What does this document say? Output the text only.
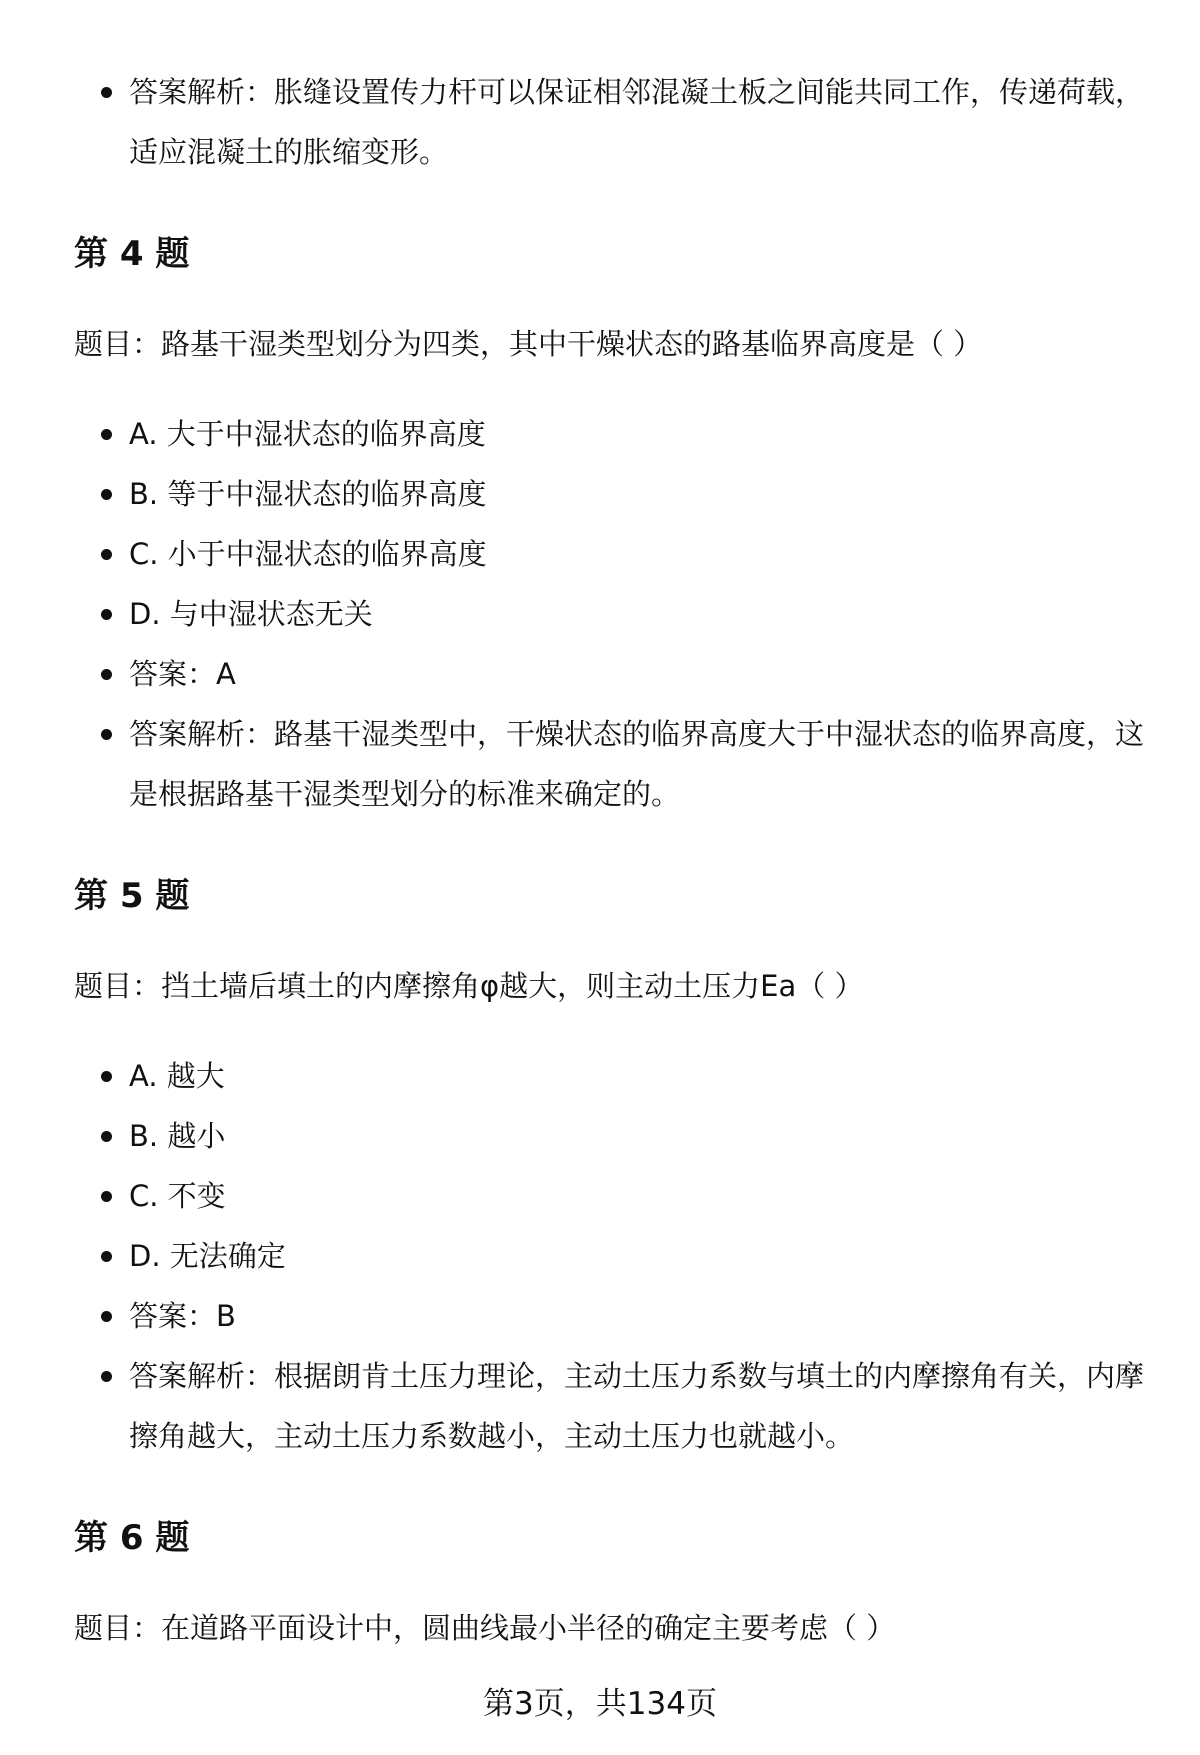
答案解析：胀缝设置传力杆可以保证相邻混凝土板之间能共同工作，传递荷载，适应混凝土的胀缩变形。
第 4 题
题目：路基干湿类型划分为四类，其中干燥状态的路基临界高度是（ ）
A. 大于中湿状态的临界高度
B. 等于中湿状态的临界高度
C. 小于中湿状态的临界高度
D. 与中湿状态无关
答案：A
答案解析：路基干湿类型中，干燥状态的临界高度大于中湿状态的临界高度，这是根据路基干湿类型划分的标准来确定的。
第 5 题
题目：挡土墙后填土的内摩擦角φ越大，则主动土压力Ea（ ）
A. 越大
B. 越小
C. 不变
D. 无法确定
答案：B
答案解析：根据朗肯土压力理论，主动土压力系数与填土的内摩擦角有关，内摩擦角越大，主动土压力系数越小，主动土压力也就越小。
第 6 题
题目：在道路平面设计中，圆曲线最小半径的确定主要考虑（ ）
第3页，共134页
